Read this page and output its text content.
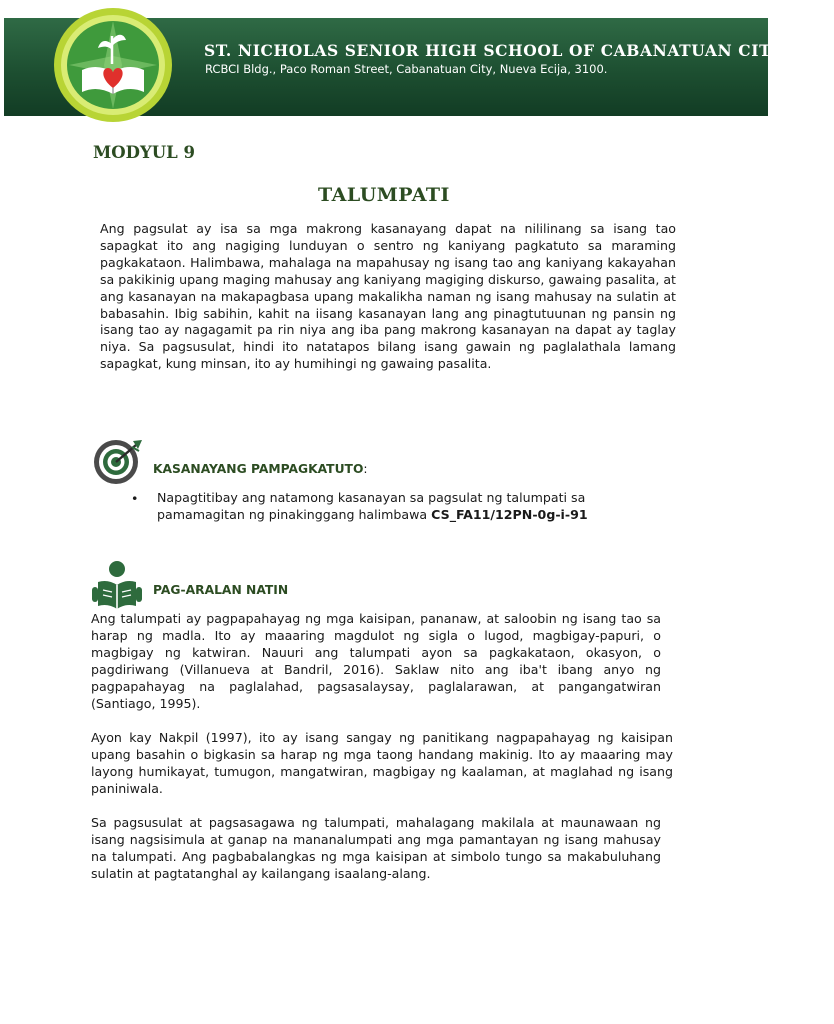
ST. NICHOLAS SENIOR HIGH SCHOOL OF CABANATUAN CITY, INC.
RCBCI Bldg., Paco Roman Street, Cabanatuan City, Nueva Ecija, 3100.
MODYUL 9
TALUMPATI
Ang pagsulat ay isa sa mga makrong kasanayang dapat na nililinang sa isang tao sapagkat ito ang nagiging lunduyan o sentro ng kaniyang pagkatuto sa maraming pagkakataon. Halimbawa, mahalaga na mapahusay ng isang tao ang kaniyang kakayahan sa pakikinig upang maging mahusay ang kaniyang magiging diskurso, gawaing pasalita, at ang kasanayan na makapagbasa upang makalikha naman ng isang mahusay na sulatin at babasahin. Ibig sabihin, kahit na iisang kasanayan lang ang pinagtutuunan ng pansin ng isang tao ay nagagamit pa rin niya ang iba pang makrong kasanayan na dapat ay taglay niya. Sa pagsusulat, hindi ito natatapos bilang isang gawain ng paglalathala lamang sapagkat, kung minsan, ito ay humihingi ng gawaing pasalita.
KASANAYANG PAMPAGKATUTO:
• Napagtitibay ang natamong kasanayan sa pagsulat ng talumpati sa pamamagitan ng pinakinggang halimbawa CS_FA11/12PN-0g-i-91
PAG-ARALAN NATIN
Ang talumpati ay pagpapahayag ng mga kaisipan, pananaw, at saloobin ng isang tao sa harap ng madla. Ito ay maaaring magdulot ng sigla o lugod, magbigay-papuri, o magbigay ng katwiran. Nauuri ang talumpati ayon sa pagkakataon, okasyon, o pagdiriwang (Villanueva at Bandril, 2016). Saklaw nito ang iba't ibang anyo ng pagpapahayag na paglalahad, pagsasalaysay, paglalarawan, at pangangatwiran (Santiago, 1995).
Ayon kay Nakpil (1997), ito ay isang sangay ng panitikang nagpapahayag ng kaisipan upang basahin o bigkasin sa harap ng mga taong handang makinig. Ito ay maaaring may layong humikayat, tumugon, mangatwiran, magbigay ng kaalaman, at maglahad ng isang paniniwala.
Sa pagsusulat at pagsasagawa ng talumpati, mahalagang makilala at maunawaan ng isang nagsisimula at ganap na mananalumpati ang mga pamantayan ng isang mahusay na talumpati. Ang pagbabalangkas ng mga kaisipan at simbolo tungo sa makabuluhang sulatin at pagtatanghal ay kailangang isaalang-alang.
